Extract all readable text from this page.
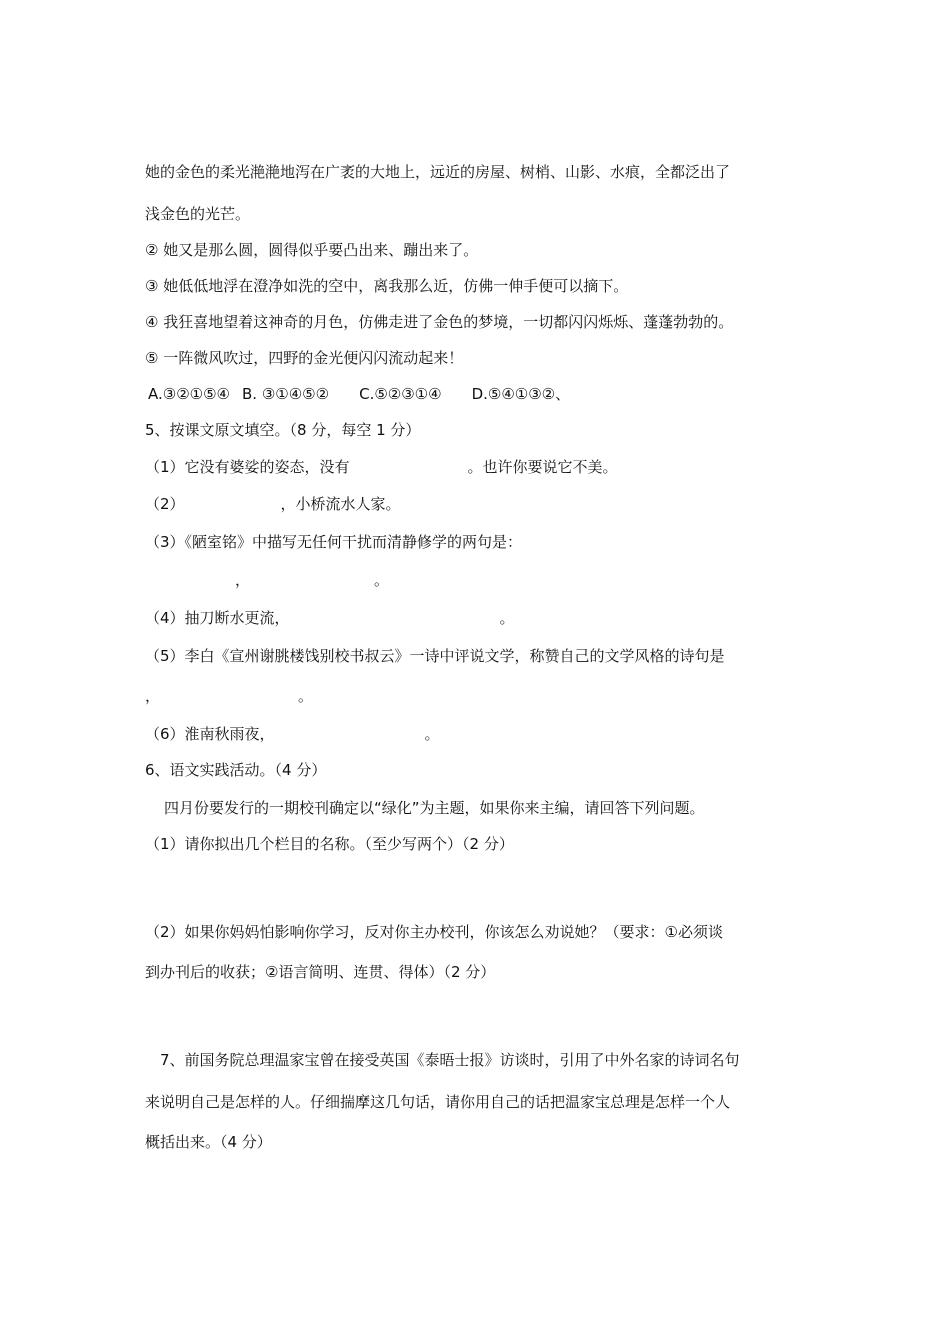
她的金色的柔光滟滟地泻在广袤的大地上，远近的房屋、树梢、山影、水痕，全都泛出了
浅金色的光芒。
② 她又是那么圆，圆得似乎要凸出来、蹦出来了。
③ 她低低地浮在澄净如洗的空中，离我那么近，仿佛一伸手便可以摘下。
④ 我狂喜地望着这神奇的月色，仿佛走进了金色的梦境，一切都闪闪烁烁、蓬蓬勃勃的。
⑤ 一阵微风吹过，四野的金光便闪闪流动起来！
A.③②①⑤④ B. ③①④⑤② C.⑤②③①④ D.⑤④①③②、
5、按课文原文填空。（8 分，每空 1 分）
（1）它没有婆娑的姿态，没有	。也许你要说它不美。
（2）	，小桥流水人家。
（3）《陋室铭》中描写无任何干扰而清静修学的两句是：
，	。
（4）抽刀断水更流，	。
（5）李白《宣州谢朓楼饯别校书叔云》一诗中评说文学，称赞自己的文学风格的诗句是
，	。
（6）淮南秋雨夜，	。
6、语文实践活动。（4 分）
四月份要发行的一期校刊确定以“绿化”为主题，如果你来主编，请回答下列问题。
（1）请你拟出几个栏目的名称。（至少写两个）（2 分）
（2）如果你妈妈怕影响你学习，反对你主办校刊，你该怎么劝说她？（要求：①必须谈
到办刊后的收获；②语言简明、连贯、得体）（2 分）
7、前国务院总理温家宝曾在接受英国《泰晤士报》访谈时，引用了中外名家的诗词名句
来说明自己是怎样的人。仔细揣摩这几句话，请你用自己的话把温家宝总理是怎样一个人
概括出来。（4 分）
